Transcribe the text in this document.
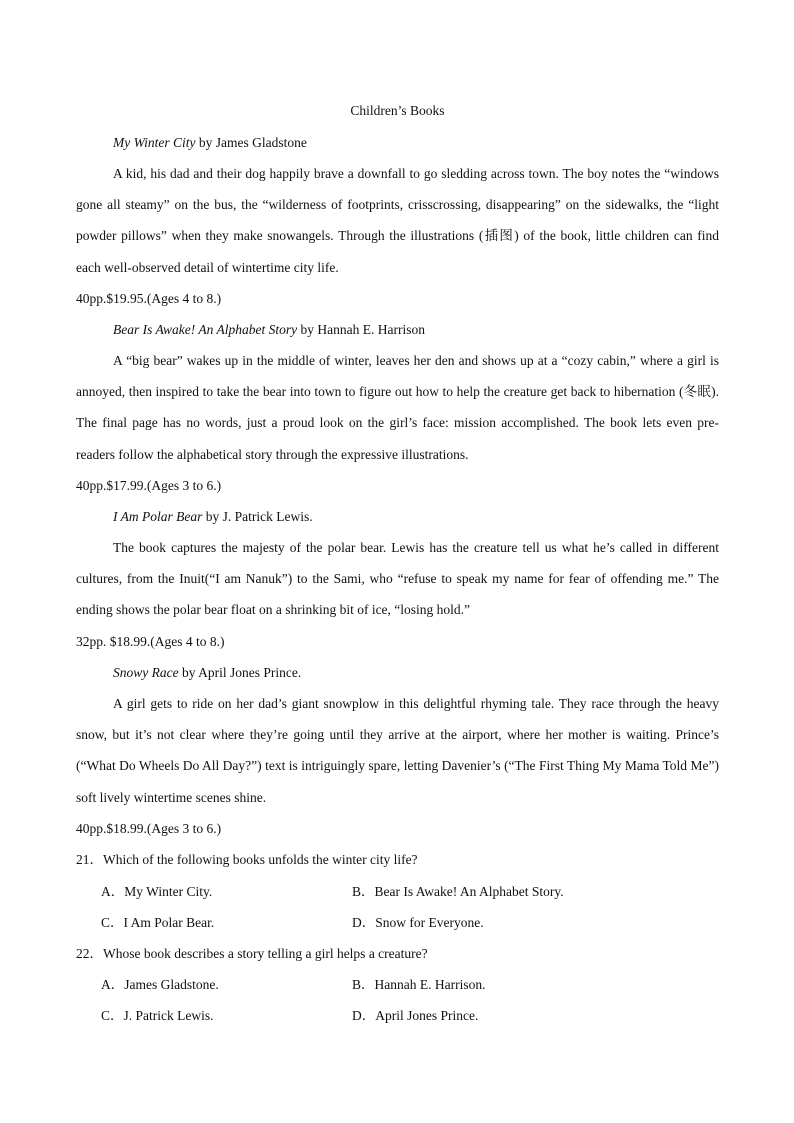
Children’s Books
My Winter City by James Gladstone
A kid, his dad and their dog happily brave a downfall to go sledding across town. The boy notes the “windows gone all steamy” on the bus, the “wilderness of footprints, crisscrossing, disappearing” on the sidewalks, the “light powder pillows” when they make snowangels. Through the illustrations (插图) of the book, little children can find each well-observed detail of wintertime city life.
40pp.$19.95.(Ages 4 to 8.)
Bear Is Awake! An Alphabet Story by Hannah E. Harrison
A “big bear” wakes up in the middle of winter, leaves her den and shows up at a “cozy cabin,” where a girl is annoyed, then inspired to take the bear into town to figure out how to help the creature get back to hibernation (冬眠). The final page has no words, just a proud look on the girl’s face: mission accomplished. The book lets even pre-readers follow the alphabetical story through the expressive illustrations.
40pp.$17.99.(Ages 3 to 6.)
I Am Polar Bear by J. Patrick Lewis.
The book captures the majesty of the polar bear. Lewis has the creature tell us what he’s called in different cultures, from the Inuit(“I am Nanuk”) to the Sami, who “refuse to speak my name for fear of offending me.” The ending shows the polar bear float on a shrinking bit of ice, “losing hold.”
32pp. $18.99.(Ages 4 to 8.)
Snowy Race by April Jones Prince.
A girl gets to ride on her dad’s giant snowplow in this delightful rhyming tale. They race through the heavy snow, but it’s not clear where they’re going until they arrive at the airport, where her mother is waiting. Prince’s (“What Do Wheels Do All Day?”) text is intriguingly spare, letting Davenier’s (“The First Thing My Mama Told Me”) soft lively wintertime scenes shine.
40pp.$18.99.(Ages 3 to 6.)
21．Which of the following books unfolds the winter city life?
A．My Winter City.	B．Bear Is Awake! An Alphabet Story.
C．I Am Polar Bear.	D．Snow for Everyone.
22．Whose book describes a story telling a girl helps a creature?
A．James Gladstone.	B．Hannah E. Harrison.
C．J. Patrick Lewis.	D．April Jones Prince.
